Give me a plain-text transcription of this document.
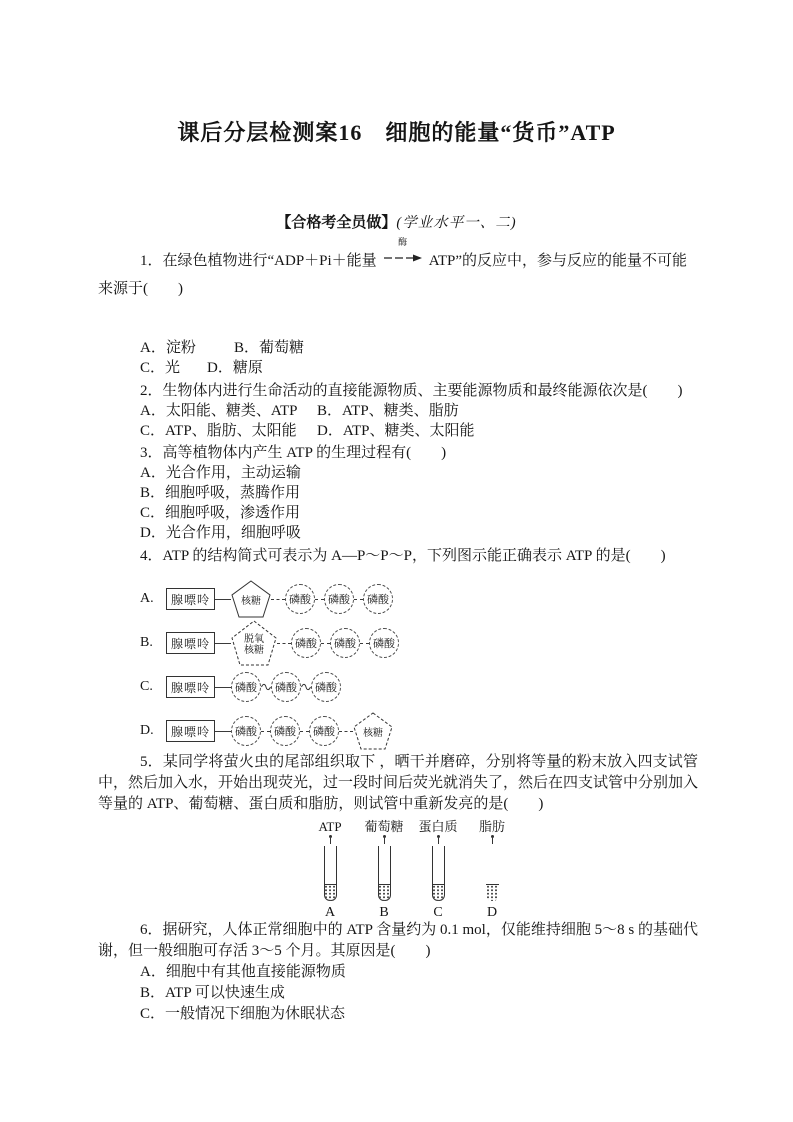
课后分层检测案16　细胞的能量“货币”ATP
【合格考全员做】(学业水平一、二)
1．在绿色植物进行“ADP＋Pi＋能量
酶
ATP”的反应中，参与反应的能量不可能
来源于(　　)
A．淀粉	B．葡萄糖
C．光 D．糖原
2．生物体内进行生命活动的直接能源物质、主要能源物质和最终能源依次是(　　)
A．太阳能、糖类、ATP B．ATP、糖类、脂肪
C．ATP、脂肪、太阳能 D．ATP、糖类、太阳能
3．高等植物体内产生 ATP 的生理过程有(　　)
A．光合作用，主动运输
B．细胞呼吸，蒸腾作用
C．细胞呼吸，渗透作用
D．光合作用，细胞呼吸
4．ATP 的结构简式可表示为 A—P～P～P，下列图示能正确表示 ATP 的是(　　)
A.	腺嘌呤	核糖	磷酸	磷酸	磷酸
B.	腺嘌呤	脱氧核糖
磷酸	磷酸	磷酸
C.	腺嘌呤	磷酸	磷酸	磷酸
D.	腺嘌呤	磷酸	磷酸	磷酸	核糖

5．某同学将萤火虫的尾部组织取下 ，晒干并磨碎，分别将等量的粉末放入四支试管中，然后加入水，开始出现荧光，过一段时间后荧光就消失了，然后在四支试管中分别加入等量的 ATP、葡萄糖、蛋白质和脂肪，则试管中重新发亮的是(　　)

ATP
A
葡萄糖
B
蛋白质
C
脂肪
D

6．据研究，人体正常细胞中的 ATP 含量约为 0.1 mol，仅能维持细胞 5～8 s 的基础代谢，但一般细胞可存活 3～5 个月。其原因是(　　)

A．细胞中有其他直接能源物质
B．ATP 可以快速生成
C．一般情况下细胞为休眠状态
